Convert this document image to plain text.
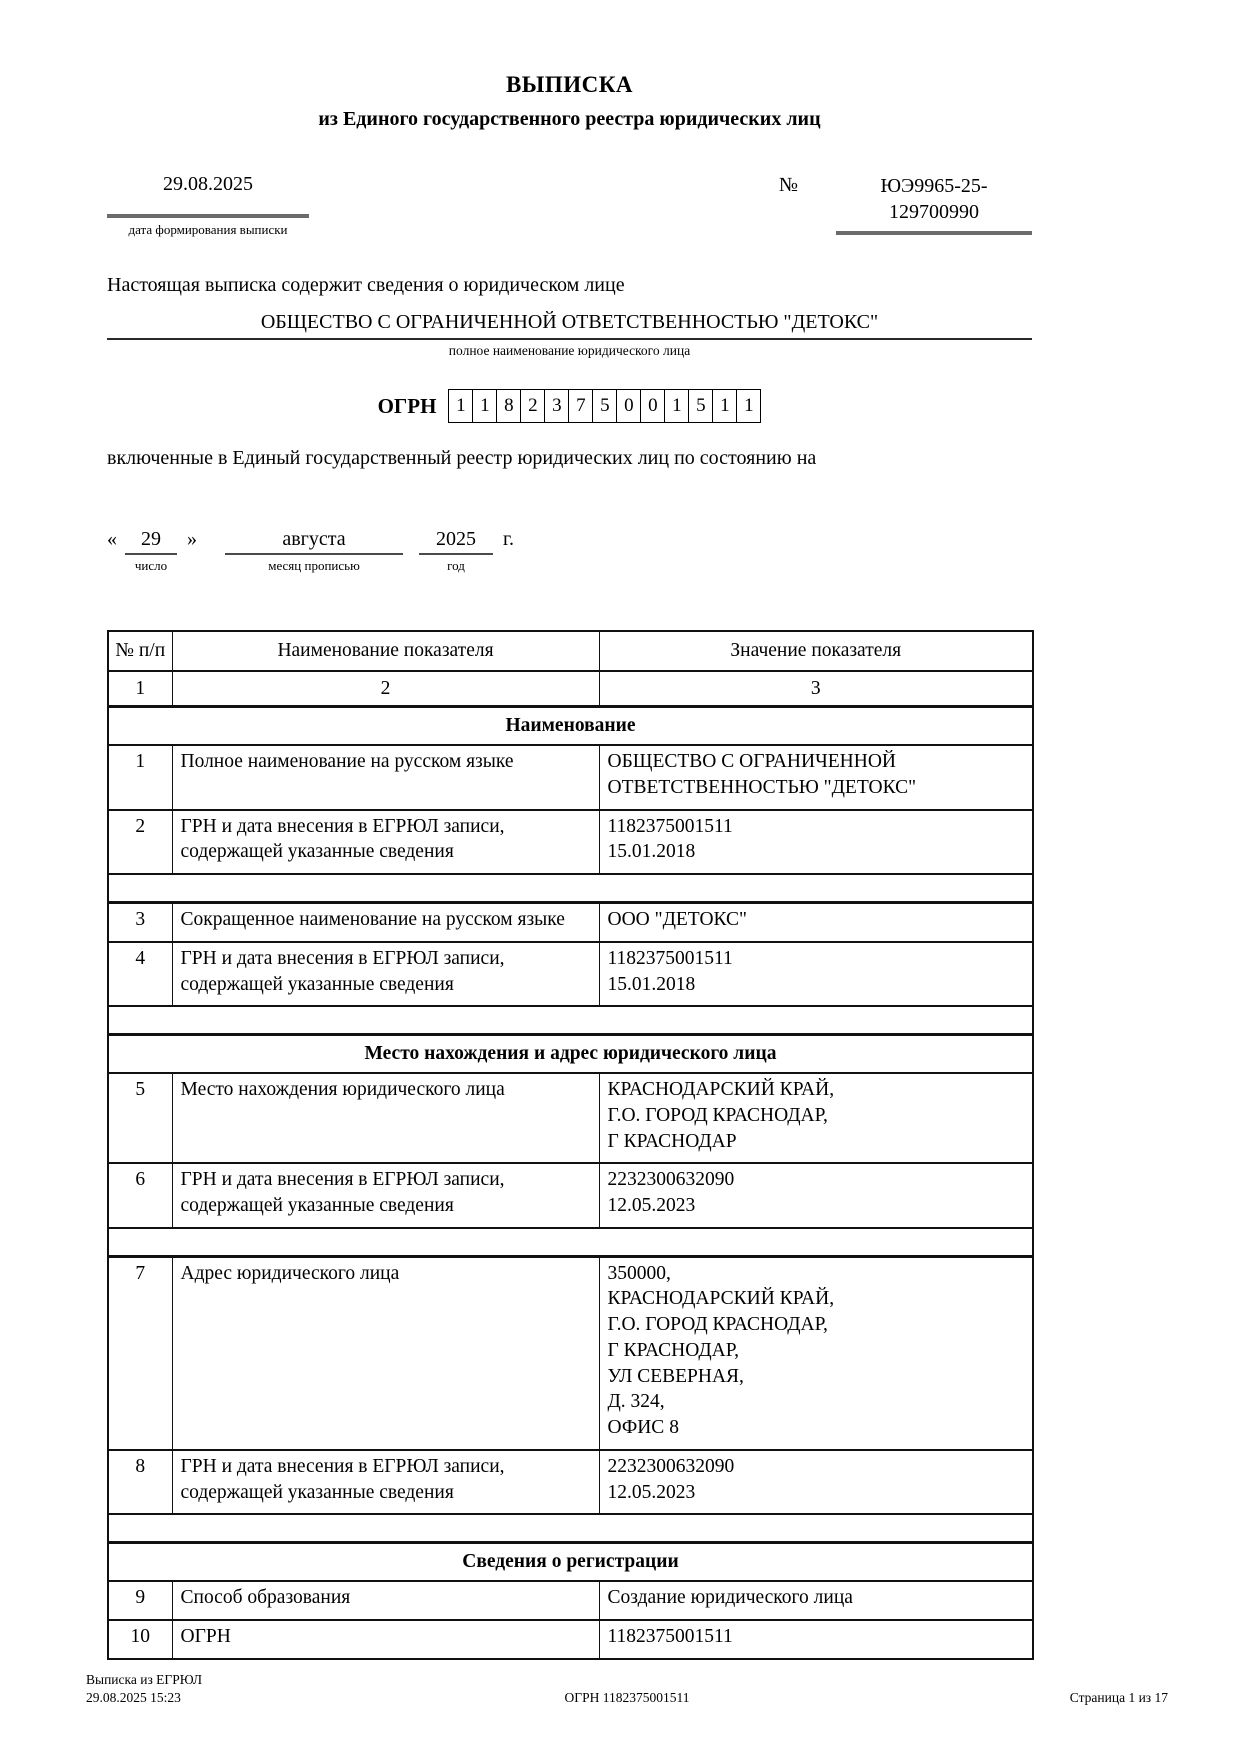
ВЫПИСКА
из Единого государственного реестра юридических лиц
29.08.2025
дата формирования выписки
№	ЮЭ9965-25-
129700990
Настоящая выписка содержит сведения о юридическом лице
ОБЩЕСТВО С ОГРАНИЧЕННОЙ ОТВЕТСТВЕННОСТЬЮ "ДЕТОКС"
полное наименование юридического лица
ОГРН	1 1 8 2 3 7 5 0 0 1 5 1 1
включенные в Единый государственный реестр юридических лиц по состоянию на
«	29
число
»	августа
месяц прописью
2025
год
г.
№ п/п	Наименование показателя	Значение показателя
1	2	3
Наименование		
1	Полное наименование на русском языке	ОБЩЕСТВО С ОГРАНИЧЕННОЙ
ОТВЕТСТВЕННОСТЬЮ "ДЕТОКС"
2	ГРН и дата внесения в ЕГРЮЛ записи, содержащей указанные сведения	1182375001511
15.01.2018

3	Сокращенное наименование на русском языке	ООО "ДЕТОКС"
4	ГРН и дата внесения в ЕГРЮЛ записи, содержащей указанные сведения	1182375001511
15.01.2018

Место нахождения и адрес юридического лица		
5	Место нахождения юридического лица	КРАСНОДАРСКИЙ КРАЙ,
Г.О. ГОРОД КРАСНОДАР,
Г КРАСНОДАР
6	ГРН и дата внесения в ЕГРЮЛ записи, содержащей указанные сведения	2232300632090
12.05.2023

7	Адрес юридического лица	350000,
КРАСНОДАРСКИЙ КРАЙ,
Г.О. ГОРОД КРАСНОДАР,
Г КРАСНОДАР,
УЛ СЕВЕРНАЯ,
Д. 324,
ОФИС 8
8	ГРН и дата внесения в ЕГРЮЛ записи, содержащей указанные сведения	2232300632090
12.05.2023

Сведения о регистрации		
9	Способ образования	Создание юридического лица
10	ОГРН	1182375001511
Выписка из ЕГРЮЛ
29.08.2025 15:23	ОГРН 1182375001511	Страница 1 из 17
